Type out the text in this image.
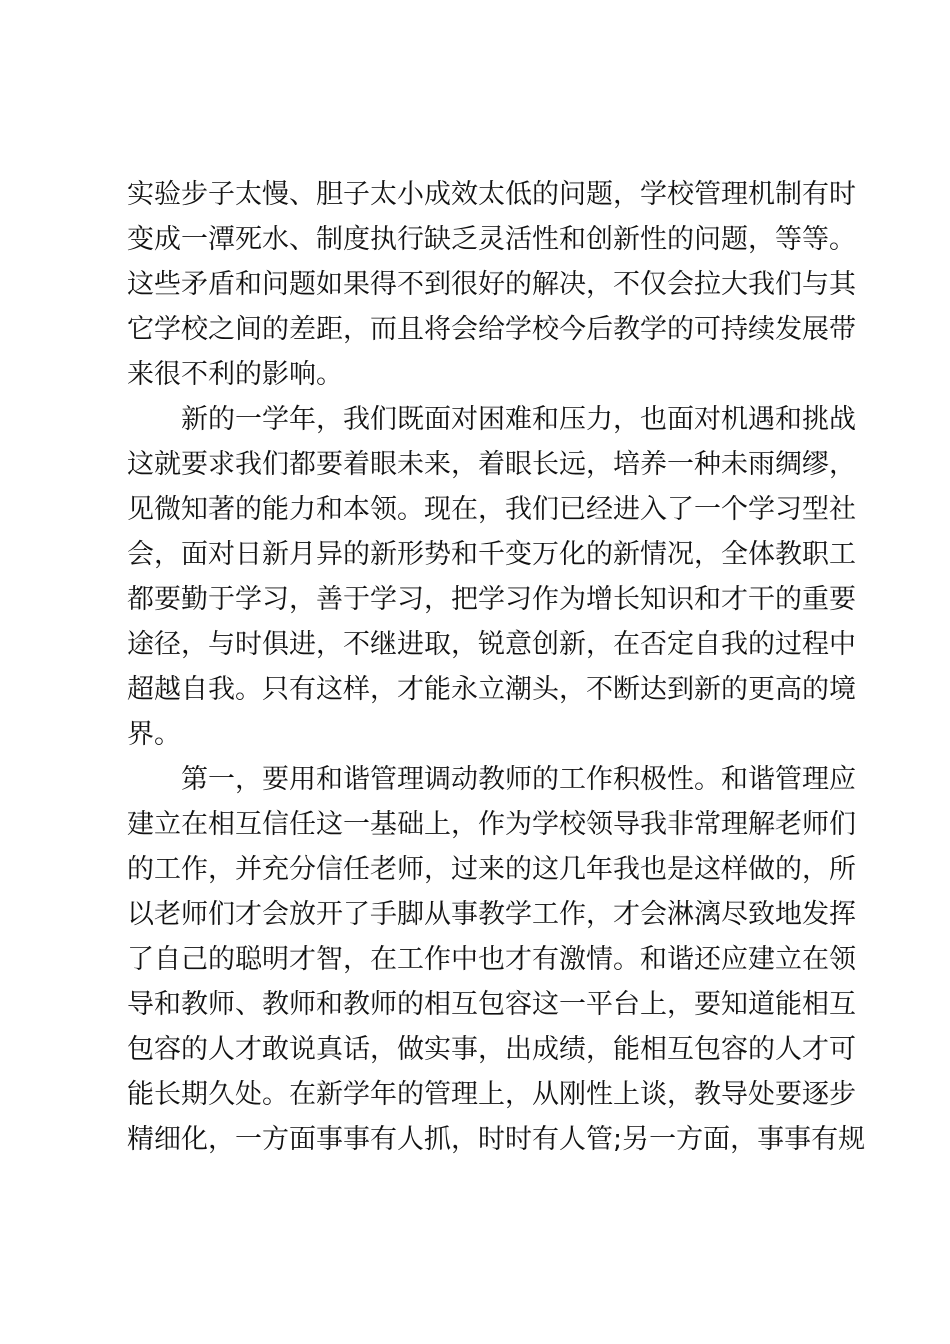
实验步子太慢、胆子太小成效太低的问题，学校管理机制有时
变成一潭死水、制度执行缺乏灵活性和创新性的问题，等等。
这些矛盾和问题如果得不到很好的解决，不仅会拉大我们与其
它学校之间的差距，而且将会给学校今后教学的可持续发展带
来很不利的影响。
新的一学年，我们既面对困难和压力，也面对机遇和挑战
这就要求我们都要着眼未来，着眼长远，培养一种未雨绸缪，
见微知著的能力和本领。现在，我们已经进入了一个学习型社
会，面对日新月异的新形势和千变万化的新情况，全体教职工
都要勤于学习，善于学习，把学习作为增长知识和才干的重要
途径，与时俱进，不继进取，锐意创新，在否定自我的过程中
超越自我。只有这样，才能永立潮头，不断达到新的更高的境
界。
第一，要用和谐管理调动教师的工作积极性。和谐管理应
建立在相互信任这一基础上，作为学校领导我非常理解老师们
的工作，并充分信任老师，过来的这几年我也是这样做的，所
以老师们才会放开了手脚从事教学工作，才会淋漓尽致地发挥
了自己的聪明才智，在工作中也才有激情。和谐还应建立在领
导和教师、教师和教师的相互包容这一平台上，要知道能相互
包容的人才敢说真话，做实事，出成绩，能相互包容的人才可
能长期久处。在新学年的管理上，从刚性上谈，教导处要逐步
精细化，一方面事事有人抓，时时有人管;另一方面，事事有规
